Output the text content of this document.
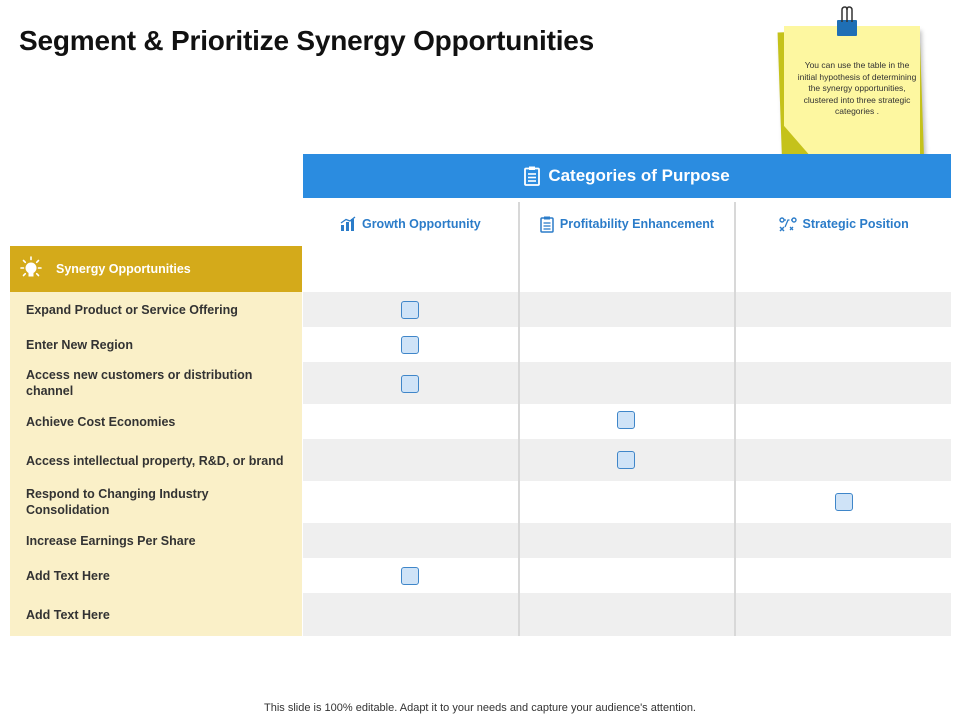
Segment & Prioritize Synergy Opportunities
You can use the table in the initial hypothesis of determining the synergy opportunities, clustered into three strategic categories .
Categories of Purpose
Growth Opportunity	Profitability Enhancement	Strategic Position
Synergy Opportunities
Expand Product or Service Offering
Enter New Region
Access new customers or distribution channel
Achieve Cost Economies
Access intellectual property, R&D, or brand
Respond to Changing Industry Consolidation
Increase Earnings Per Share
Add Text Here
Add Text Here
This slide is 100% editable. Adapt it to your needs and capture your audience's attention.
